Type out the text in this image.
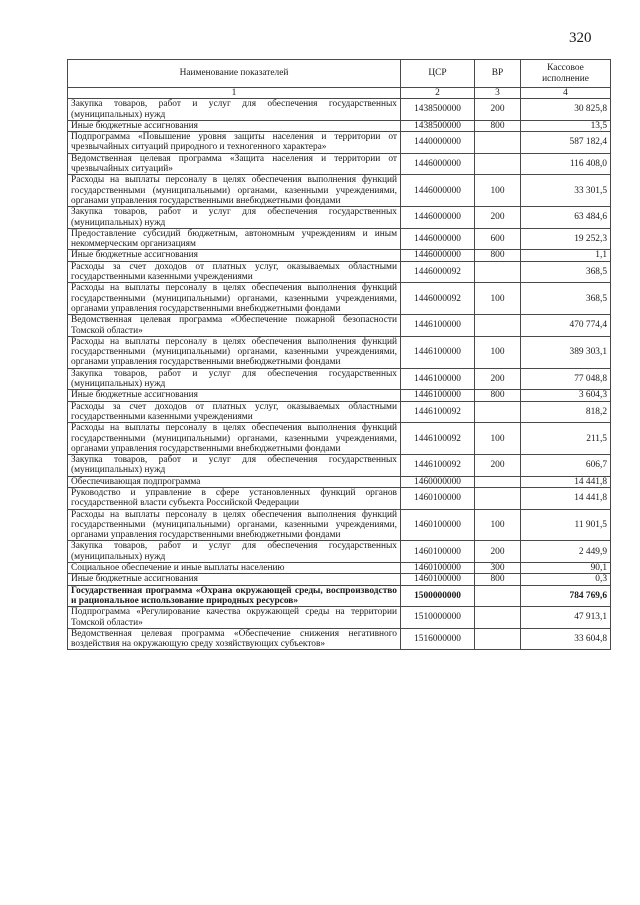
320
Наименование показателей	ЦСР	ВР	Кассовое исполнение
1	2	3	4
Закупка товаров, работ и услуг для обеспечения государственных (муниципальных) нужд	1438500000	200	30 825,8
Иные бюджетные ассигнования	1438500000	800	13,5
Подпрограмма «Повышение уровня защиты населения и территории от чрезвычайных ситуаций природного и техногенного характера»	1440000000		587 182,4
Ведомственная целевая программа «Защита населения и территории от чрезвычайных ситуаций»	1446000000		116 408,0
Расходы на выплаты персоналу в целях обеспечения выполнения функций государственными (муниципальными) органами, казенными учреждениями, органами управления государственными внебюджетными фондами	1446000000	100	33 301,5
Закупка товаров, работ и услуг для обеспечения государственных (муниципальных) нужд	1446000000	200	63 484,6
Предоставление субсидий бюджетным, автономным учреждениям и иным некоммерческим организациям	1446000000	600	19 252,3
Иные бюджетные ассигнования	1446000000	800	1,1
Расходы за счет доходов от платных услуг, оказываемых областными государственными казенными учреждениями	1446000092		368,5
Расходы на выплаты персоналу в целях обеспечения выполнения функций государственными (муниципальными) органами, казенными учреждениями, органами управления государственными внебюджетными фондами	1446000092	100	368,5
Ведомственная целевая программа «Обеспечение пожарной безопасности Томской области»	1446100000		470 774,4
Расходы на выплаты персоналу в целях обеспечения выполнения функций государственными (муниципальными) органами, казенными учреждениями, органами управления государственными внебюджетными фондами	1446100000	100	389 303,1
Закупка товаров, работ и услуг для обеспечения государственных (муниципальных) нужд	1446100000	200	77 048,8
Иные бюджетные ассигнования	1446100000	800	3 604,3
Расходы за счет доходов от платных услуг, оказываемых областными государственными казенными учреждениями	1446100092		818,2
Расходы на выплаты персоналу в целях обеспечения выполнения функций государственными (муниципальными) органами, казенными учреждениями, органами управления государственными внебюджетными фондами	1446100092	100	211,5
Закупка товаров, работ и услуг для обеспечения государственных (муниципальных) нужд	1446100092	200	606,7
Обеспечивающая подпрограмма	1460000000		14 441,8
Руководство и управление в сфере установленных функций органов государственной власти субъекта Российской Федерации	1460100000		14 441,8
Расходы на выплаты персоналу в целях обеспечения выполнения функций государственными (муниципальными) органами, казенными учреждениями, органами управления государственными внебюджетными фондами	1460100000	100	11 901,5
Закупка товаров, работ и услуг для обеспечения государственных (муниципальных) нужд	1460100000	200	2 449,9
Социальное обеспечение и иные выплаты населению	1460100000	300	90,1
Иные бюджетные ассигнования	1460100000	800	0,3
Государственная программа «Охрана окружающей среды, воспроизводство и рациональное использование природных ресурсов»	1500000000		784 769,6
Подпрограмма «Регулирование качества окружающей среды на территории Томской области»	1510000000		47 913,1
Ведомственная целевая программа «Обеспечение снижения негативного воздействия на окружающую среду хозяйствующих субъектов»	1516000000		33 604,8
